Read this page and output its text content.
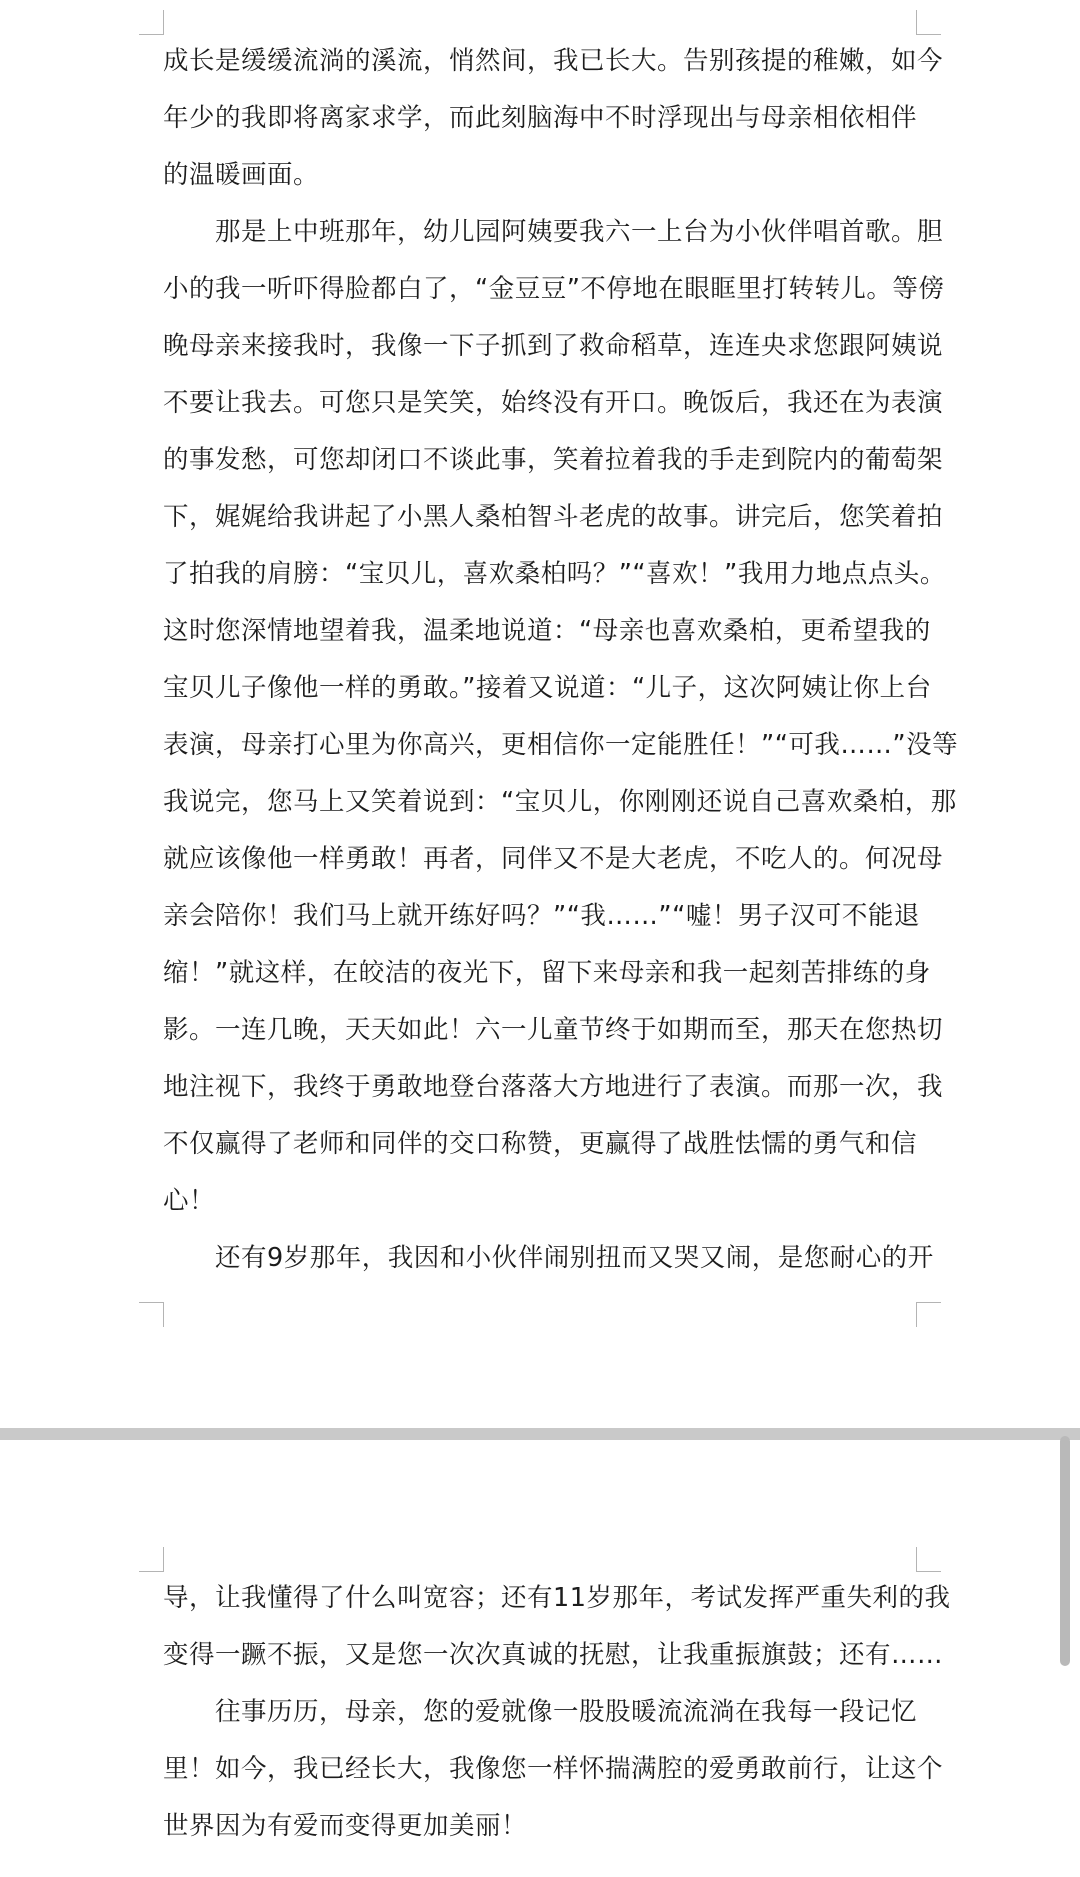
成长是缓缓流淌的溪流，悄然间，我已长大。告别孩提的稚嫩，如今
年少的我即将离家求学，而此刻脑海中不时浮现出与母亲相依相伴
的温暖画面。
　　那是上中班那年，幼儿园阿姨要我六一上台为小伙伴唱首歌。胆
小的我一听吓得脸都白了，“金豆豆”不停地在眼眶里打转转儿。等傍
晚母亲来接我时，我像一下子抓到了救命稻草，连连央求您跟阿姨说
不要让我去。可您只是笑笑，始终没有开口。晚饭后，我还在为表演
的事发愁，可您却闭口不谈此事，笑着拉着我的手走到院内的葡萄架
下，娓娓给我讲起了小黑人桑柏智斗老虎的故事。讲完后，您笑着拍
了拍我的肩膀：“宝贝儿，喜欢桑柏吗？”“喜欢！”我用力地点点头。
这时您深情地望着我，温柔地说道：“母亲也喜欢桑柏，更希望我的
宝贝儿子像他一样的勇敢。”接着又说道：“儿子，这次阿姨让你上台
表演，母亲打心里为你高兴，更相信你一定能胜任！”“可我……”没等
我说完，您马上又笑着说到：“宝贝儿，你刚刚还说自己喜欢桑柏，那
就应该像他一样勇敢！再者，同伴又不是大老虎，不吃人的。何况母
亲会陪你！我们马上就开练好吗？”“我……”“嘘！男子汉可不能退
缩！”就这样，在皎洁的夜光下，留下来母亲和我一起刻苦排练的身
影。一连几晚，天天如此！六一儿童节终于如期而至，那天在您热切
地注视下，我终于勇敢地登台落落大方地进行了表演。而那一次，我
不仅赢得了老师和同伴的交口称赞，更赢得了战胜怯懦的勇气和信
心！
　　还有9岁那年，我因和小伙伴闹别扭而又哭又闹，是您耐心的开
导，让我懂得了什么叫宽容；还有11岁那年，考试发挥严重失利的我
变得一蹶不振，又是您一次次真诚的抚慰，让我重振旗鼓；还有……
　　往事历历，母亲，您的爱就像一股股暖流流淌在我每一段记忆
里！如今，我已经长大，我像您一样怀揣满腔的爱勇敢前行，让这个
世界因为有爱而变得更加美丽！
